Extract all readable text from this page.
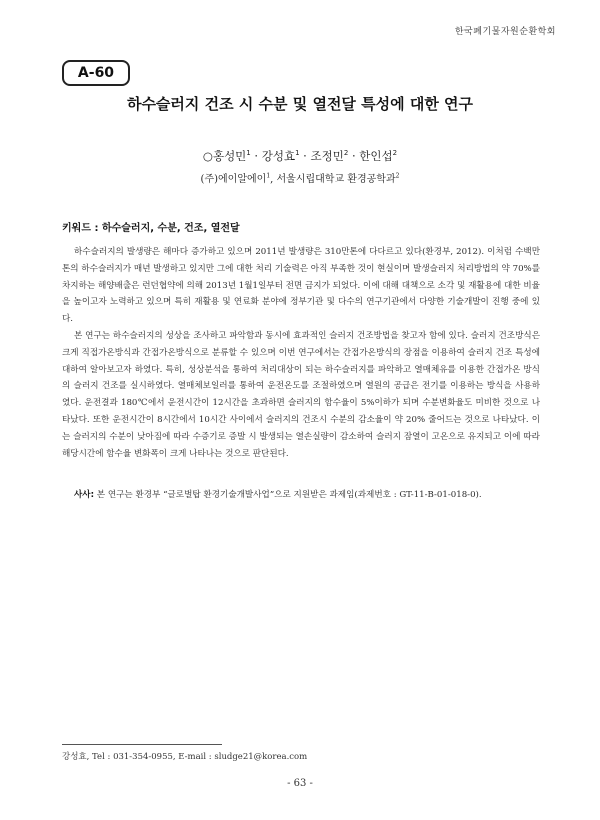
한국폐기물자원순환학회
A-60
하수슬러지 건조 시 수분 및 열전달 특성에 대한 연구
○홍성민$^1$ · 강성효$^1$ · 조정민$^2$ · 한인섭$^2$
(주)에이알에이$^1$, 서울시립대학교 환경공학과$^2$
키워드 : 하수슬러지, 수분, 건조, 열전달

하수슬러지의 발생량은 해마다 증가하고 있으며 2011년 발생량은 310만톤에 다다르고 있다(환경부, 2012). 이처럼 수백만톤의 하수슬러지가 매년 발생하고 있지만 그에 대한 처리 기술력은 아직 부족한 것이 현실이며 발생슬러지 처리방법의 약 70%를 차지하는 해양배출은 런던협약에 의해 2013년 1월1일부터 전면 금지가 되었다. 이에 대해 대책으로 소각 및 재활용에 대한 비율을 높이고자 노력하고 있으며 특히 재활용 및 연료화 분야에 정부기관 및 다수의 연구기관에서 다양한 기술개발이 진행 중에 있다.

본 연구는 하수슬러지의 성상을 조사하고 파악함과 동시에 효과적인 슬러지 건조방법을 찾고자 함에 있다. 슬러지 건조방식은 크게 직접가온방식과 간접가온방식으로 분류할 수 있으며 이번 연구에서는 간접가온방식의 장점을 이용하여 슬러지 건조 특성에 대하여 알아보고자 하였다. 특히, 성상분석을 통하여 처리대상이 되는 하수슬러지를 파악하고 열매체유를 이용한 간접가온 방식의 슬러지 건조를 실시하였다. 열매체보일러를 통하여 운전온도를 조절하였으며 열원의 공급은 전기를 이용하는 방식을 사용하였다. 운전결과 180℃에서 운전시간이 12시간을 초과하면 슬러지의 함수율이 5%이하가 되며 수분변화율도 미비한 것으로 나타났다. 또한 운전시간이 8시간에서 10시간 사이에서 슬러지의 건조시 수분의 감소율이 약 20% 줄어드는 것으로 나타났다. 이는 슬러지의 수분이 낮아짐에 따라 수증기로 증발 시 발생되는 열손실량이 감소하여 슬러지 잠열이 고온으로 유지되고 이에 따라 해당시간에 함수율 변화폭이 크게 나타나는 것으로 판단된다.

사사: 본 연구는 환경부 “글로벌탑 환경기술개발사업”으로 지원받은 과제임(과제번호 : GT-11-B-01-018-0).
강성효, Tel : 031-354-0955, E-mail : sludge21@korea.com
- 63 -
